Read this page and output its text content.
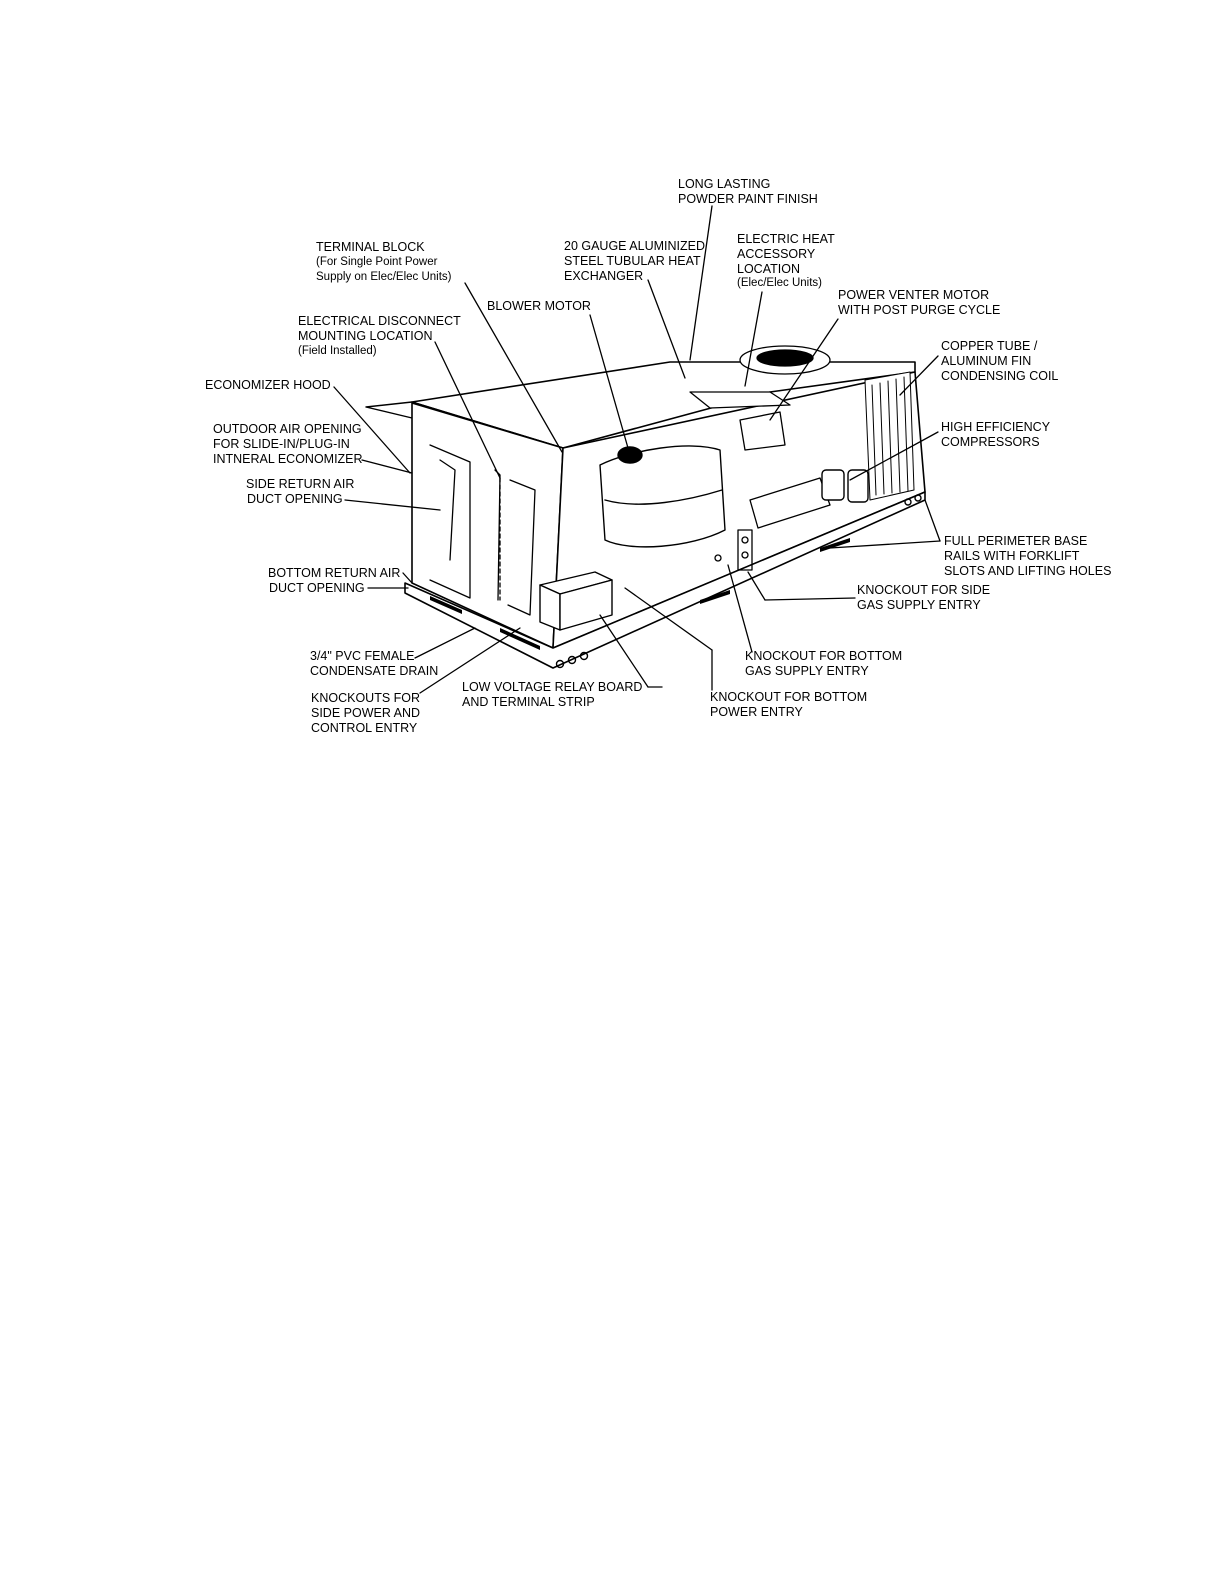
LONG LASTING
POWDER PAINT FINISH
20 GAUGE ALUMINIZED
STEEL TUBULAR HEAT
EXCHANGER
ELECTRIC HEAT
ACCESSORY
LOCATION
(Elec/Elec Units)
TERMINAL BLOCK
(For Single Point Power
Supply on Elec/Elec Units)
BLOWER MOTOR
POWER VENTER MOTOR
WITH POST PURGE CYCLE
ELECTRICAL DISCONNECT
MOUNTING LOCATION
(Field Installed)	COPPER TUBE /
ALUMINUM FIN
CONDENSING COIL
ECONOMIZER HOOD
OUTDOOR AIR OPENING
FOR SLIDE-IN/PLUG-IN
INTNERAL ECONOMIZER
HIGH EFFICIENCY
COMPRESSORS
SIDE RETURN AIR
DUCT OPENING
FULL PERIMETER BASE
RAILS WITH FORKLIFT
SLOTS AND LIFTING HOLES
BOTTOM RETURN AIR
DUCT OPENING	KNOCKOUT FOR SIDE
GAS SUPPLY ENTRY
3/4" PVC FEMALE
CONDENSATE DRAIN
KNOCKOUT FOR BOTTOM
GAS SUPPLY ENTRY
KNOCKOUTS FOR
SIDE POWER AND
CONTROL ENTRY
LOW VOLTAGE RELAY BOARD
AND TERMINAL STRIP	KNOCKOUT FOR BOTTOM
POWER ENTRY
